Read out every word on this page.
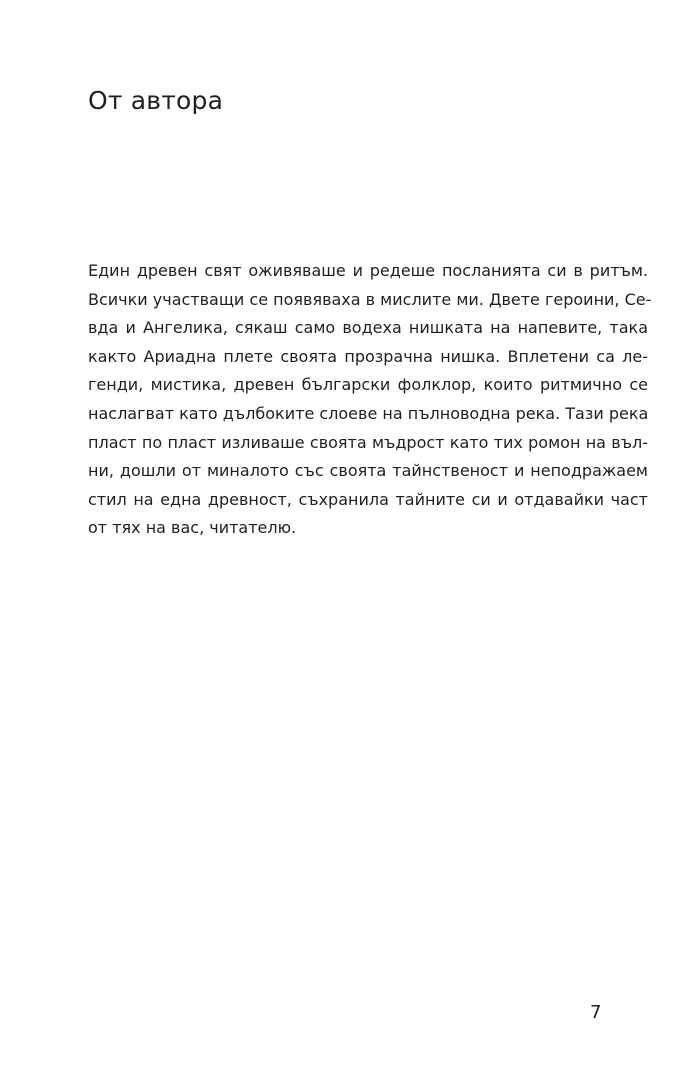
От автора
Един древен свят оживяваше и редеше посланията си в ритъм.
Всички участващи се появяваха в мислите ми. Двете героини, Се-
вда и Ангелика, сякаш само водеха нишката на напевите, така
както Ариадна плете своята прозрачна нишка. Вплетени са ле-
генди, мистика, древен български фолклор, които ритмично се
наслагват като дълбоките слоеве на пълноводна река. Тази река
пласт по пласт изливаше своята мъдрост като тих ромон на въл-
ни, дошли от миналото със своята тайнственост и неподражаем
стил на една древност, съхранила тайните си и отдавайки част
от тях на вас, читателю.
7
